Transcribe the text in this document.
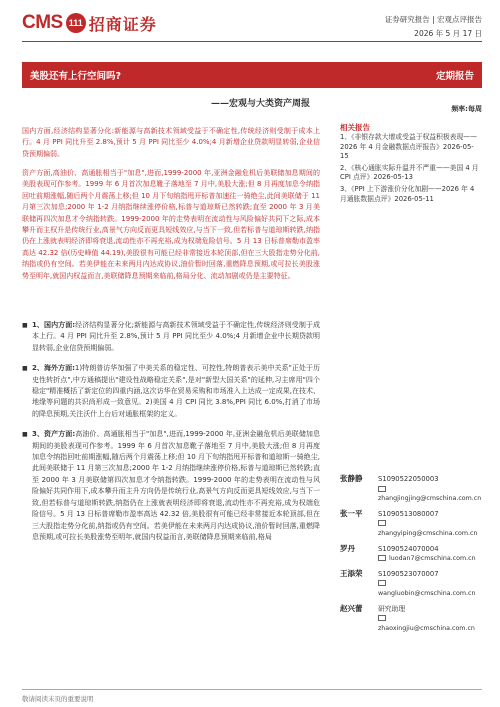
CMS 111 招商证券	证券研究报告 | 宏观点评报告
2026 年 5 月 17 日
美股还有上行空间吗?	定期报告
——宏观与大类资产周报	频率:每周
国内方面,经济结构显著分化:新能源与高新技术领域受益于不确定性,传统经济则受制于成本上行。4 月 PPI 同比升至 2.8%,预计 5 月 PPI 同比至少 4.0%;4 月新增企业贷款明显转弱,企业信贷预期偏弱。
资产方面,高油价、高通胀相当于"加息",进而,1999-2000 年,亚洲金融危机后美联储加息期间的美股表现可作参考。1999 年 6 月首次加息靴子落地至 7 月中,美股大涨;但 8 月再度加息令纳指回吐前期涨幅,随后两个月震荡上移;但 10 月下旬纳指甩开标普加速往一骑绝尘,此间美联储于 11 月第三次加息;2000 年 1-2 月纳指继续涨停价格,标普与道琼斯已然转跌;直至 2000 年 3 月美联储再四次加息才令纳指转跌。1999-2000 年的走势表明在流动性与风险偏好共同下之际,成本攀升而主权升是传统行业,高景气方向反而更具短线效应,与当下一致,但若标普与道琼斯转跌,纳指仍在上涨就表明经济即将衰退,流动性亦不再充裕,成为权端危险信号。5 月 13 日标普席勒市盈率高达 42.32 倍(历史峰值 44.19),美股很有可能已经非常接近本轮顶部,但在三大股指走势分化前,纳指或仍有空间。若美伊能在未来两月内达成协议,油价暂时回落,重燃降息预期,或可拉长美股涨势至明年,就国内权益而言,美联储降息预期来临前,格局分化、流动加剧或仍是主要特征。
■ 1、国内方面:经济结构显著分化;新能源与高新技术领域受益于不确定性,传统经济则受制于成本上行。4 月 PPI 同比升至 2.8%,预计 5 月 PPI 同比至少 4.0%;4 月新增企业中长期贷款明显转弱,企业信贷预期偏弱。
■ 2、海外方面:1)特朗普访华加强了中美关系的稳定性、可控性,特朗普表示美中关系"正处于历史性转折点",中方通稿提出"建设性战略稳定关系",是对"新型大国关系"的延伸,习主席用"四个稳定"精准概括了新定位的四重内涵,这次访华在贸易采购和市场准入上达成一定成果,在技术、地缘等问题的共识尚形成一致意见。2)美国 4 月 CPI 同比 3.8%,PPI 同比 6.0%,打消了市场的降息预期,关注沃什上台后对通胀框架的定义。
■ 3、资产方面:高油价、高通胀相当于"加息",进而,1999-2000 年,亚洲金融危机后美联储加息期间的美股表现可作参考。1999 年 6 月首次加息靴子落地至 7 月中,美股大涨;但 8 月再度加息令纳指回吐前期涨幅,随后两个月震荡上移;但 10 月下旬纳指甩开标普和道琼斯一骑绝尘,此间美联储于 11 月第三次加息;2000 年 1-2 月纳指继续涨停价格,标普与道琼斯已然转跌;直至 2000 年 3 月美联储第四次加息才令纳指转跌。1999-2000 年的走势表明在流动性与风险偏好共同作用下,成本攀升而主升方向仍是传统行业,高景气方向反而更具短线效应,与当下一致,但若标普与道琼斯转跌,纳指仍在上涨就表明经济即将衰退,流动性亦不再充裕,成为权端危险信号。5 月 13 日标普席勒市盈率高达 42.32 倍,美股很有可能已经非常接近本轮顶部,但在三大股指走势分化前,纳指或仍有空间。若美伊能在未来两月内达成协议,油价暂时回落,重燃降息预期,或可拉长美股涨势至明年,就国内权益而言,美联储降息预期来临前,格局
相关报告
1、《非银存款大增或受益于权益积极表现——2026 年 4 月金融数据点评报告》2026-05-15
2、《核心通胀实际升温并不严重——美国 4 月 CPI 点评》2026-05-13
3、《PPI 上下游涨价分化加剧——2026 年 4 月通胀数据点评》2026-05-11
张静静	S1090522050003
zhangjingjing@cmschina.com.cn
张一平	S1090513080007
zhangyiping@cmschina.com.cn
罗丹	S1090524070004
luodan7@cmschina.com.cn
王添荣	S1090523070007
wangluobin@cmschina.com.cn
赵兴蕾	研究助理
zhaoxingjiu@cmschina.com.cn
敬请阅读末页的重要说明
